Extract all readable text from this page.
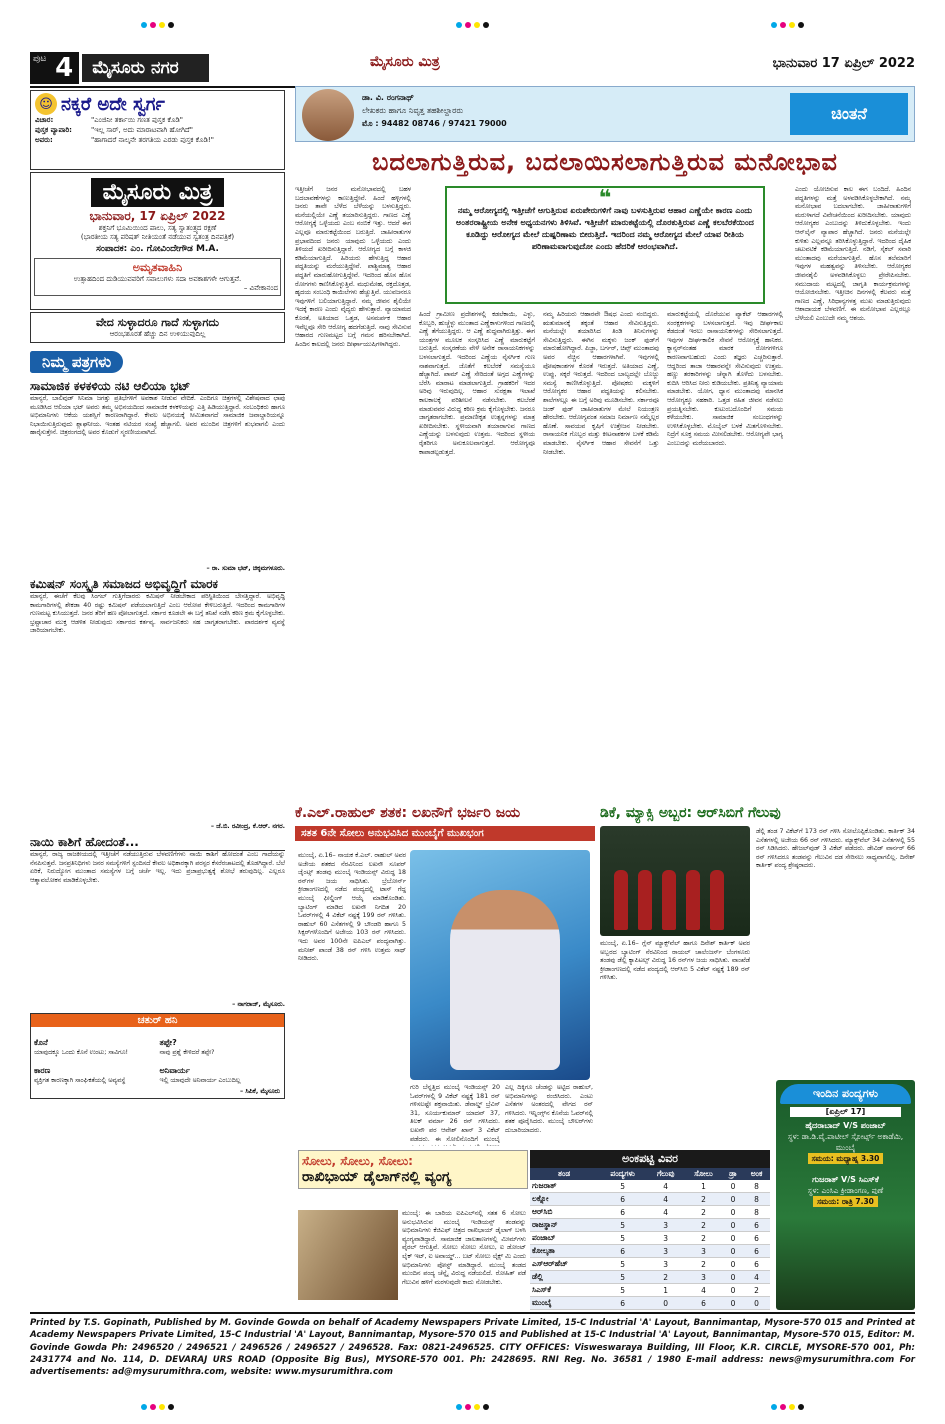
ಪುಟ 4	ಮೈಸೂರು ನಗರ	ಮೈಸೂರು ಮಿತ್ರ	ಭಾನುವಾರ 17 ಏಪ್ರಿಲ್ 2022
☺ ನಕ್ಕರೆ ಅದೇ ಸ್ವರ್ಗ
ವಿಚಾರ:	"ಎಂಜಿನೀ ತರ್ಕಾಯಿ ಗಣತ ಪುಸ್ತಕ ಕೊಡಿ"
ಪುಸ್ತಕ ವ್ಯಾಪಾರಿ:	"ಇಲ್ಲ ಸಾರ್, ಅದು ಮಾರಾಟವಾಗಿ ಹೋಗಿದೆ"
ಅವರು:	"ಹಾಗಾದರೆ ನಾಲ್ಕನೇ ತರಗತಿಯ ಎರಡು ಪುಸ್ತಕ ಕೊಡಿ!"
ಮೈಸೂರು ಮಿತ್ರ
ಭಾನುವಾರ, 17 ಏಪ್ರಿಲ್ 2022
ಶಕ್ತನಿಗೆ ಭೂಮಿಯಿಂದ ಪಾಲು, ಸತ್ಯ ಸ್ವಾತಂತ್ರ್ಯದ ರಕ್ಷಣೆ
(ಭಾರತೀಯ ಸತ್ಯ ಪರಿಷತ್ ನೀತಿಯಂತೆ ನಡೆಯುವ ಸ್ವತಂತ್ರ ದಿನಪತ್ರಿಕೆ)
ಸಂಪಾದಕ: ಎಂ. ಗೋವಿಂದೇಗೌಡ M.A.
ಅಮೃತವಾಹಿನಿ
ಉತ್ಸಾಹದಿಂದ ದುಡಿಯುವವರಿಗೆ ಸವಾಲುಗಳು ಸದಾ ಅವಕಾಶಗಳೇ ಆಗುತ್ತವೆ.
– ವಿವೇಕಾನಂದ
ವೇದ ಸುಳ್ಳಾದರೂ ಗಾದೆ ಸುಳ್ಳಾಗದು
ಆರಂಭಶೂರತೆ ಹೆಚ್ಚು ದಿನ ಉಳಿಯುವುದಿಲ್ಲ
ನಿಮ್ಮ ಪತ್ರಗಳು
ಸಾಮಾಜಿಕ ಕಳಕಳಿಯ ನಟಿ ಆಲಿಯಾ ಭಟ್
ಮಾನ್ಯರೆ, ಬಾಲಿವುಡ್ ಸಿನಿಮಾ ಜಗತ್ತು ಪ್ರತಿಭೆಗಳಿಗೆ ಅವಕಾಶ ನೀಡುವ ವೇದಿಕೆ. ಎಂದಿಗೂ ಚಿತ್ರಗಳಲ್ಲಿ ವಿಶೇಷವಾದ ಛಾಪು ಮೂಡಿಸಿದ ಆಲಿಯಾ ಭಟ್ ಅವರು ತಮ್ಮ ಅಭಿನಯದಿಂದ ಸಾಮಾಜಿಕ ಕಳಕಳಿಯನ್ನು ಎತ್ತಿ ಹಿಡಿಯುತ್ತಿದ್ದಾರೆ. ಸಂಬಂಧಿಕರು ಹಾಗೂ ಅಭಿಮಾನಿಗಳು ಆಕೆಯ ಯಶಸ್ಸಿಗೆ ಕಾರಣರಾಗಿದ್ದಾರೆ. ಕೇವಲ ಅಭಿನಯಕ್ಕೆ ಸೀಮಿತವಾಗದೆ ಸಾಮಾಜಿಕ ಜವಾಬ್ದಾರಿಯನ್ನೂ ನಿಭಾಯಿಸುತ್ತಿರುವುದು ಶ್ಲಾಘನೀಯ. ಇಂತಹ ನಟಿಯರ ಸಂಖ್ಯೆ ಹೆಚ್ಚಾಗಲಿ. ಅವರ ಮುಂದಿನ ಚಿತ್ರಗಳಿಗೆ ಶುಭವಾಗಲಿ ಎಂದು ಹಾರೈಸುತ್ತೇನೆ. ಚಿತ್ರರಂಗದಲ್ಲಿ ಅವರ ಕೊಡುಗೆ ಸ್ಮರಣೀಯವಾಗಿದೆ.
– ರಾ. ಸುಮಾ ಭಟ್, ಚಿಕ್ಕಮಗಳೂರು.
ಕಮಿಷನ್ ಸಂಸ್ಕೃತಿ ಸಮಾಜದ ಅಭಿವೃದ್ಧಿಗೆ ಮಾರಕ
ಮಾನ್ಯರೆ, ಈಚೆಗೆ ಕೆಲವು ಸಿಂಗಲ್ ಗುತ್ತಿಗೆದಾರರು ಕಮಿಷನ್ ನೀಡಬೇಕಾದ ಪರಿಸ್ಥಿತಿಯಿಂದ ಬೇಸತ್ತಿದ್ದಾರೆ. ಅಭಿವೃದ್ಧಿ ಕಾಮಗಾರಿಗಳಲ್ಲಿ ಶೇಕಡಾ 40 ರಷ್ಟು ಕಮಿಷನ್ ಪಡೆಯಲಾಗುತ್ತಿದೆ ಎಂಬ ಆರೋಪ ಕೇಳಿಬರುತ್ತಿದೆ. ಇದರಿಂದ ಕಾಮಗಾರಿಗಳ ಗುಣಮಟ್ಟ ಕುಸಿಯುತ್ತದೆ. ಜನರ ತೆರಿಗೆ ಹಣ ಪೋಲಾಗುತ್ತದೆ. ಸರ್ಕಾರ ಕೂಡಲೇ ಈ ಬಗ್ಗೆ ತನಿಖೆ ನಡೆಸಿ ಕಠಿಣ ಕ್ರಮ ಕೈಗೊಳ್ಳಬೇಕು. ಭ್ರಷ್ಟಾಚಾರ ಮುಕ್ತ ಆಡಳಿತ ನೀಡುವುದು ಸರ್ಕಾರದ ಕರ್ತವ್ಯ. ಸಾರ್ವಜನಿಕರು ಸಹ ಜಾಗೃತರಾಗಬೇಕು. ಪಾರದರ್ಶಕ ವ್ಯವಸ್ಥೆ ಜಾರಿಯಾಗಬೇಕು.
– ಜೆ.ಬಿ. ರವೀಂದ್ರ, ಕೆ.ಆರ್. ನಗರ.
ನಾಯಿ ಕಾಶಿಗೆ ಹೋದಂತೆ...
ಮಾನ್ಯರೆ, ರಾಜ್ಯ ರಾಜಕೀಯದಲ್ಲಿ ಇತ್ತೀಚೆಗೆ ನಡೆಯುತ್ತಿರುವ ಬೆಳವಣಿಗೆಗಳು ನಾಯಿ ಕಾಶಿಗೆ ಹೋದಂತೆ ಎಂಬ ಗಾದೆಯನ್ನು ನೆನಪಿಸುತ್ತವೆ. ಜನಪ್ರತಿನಿಧಿಗಳು ಜನರ ಸಮಸ್ಯೆಗಳಿಗೆ ಸ್ಪಂದಿಸದೆ ಕೇವಲ ಅಧಿಕಾರಕ್ಕಾಗಿ ಪರಸ್ಪರ ಕೆಸರೆರಚಾಟದಲ್ಲಿ ತೊಡಗಿದ್ದಾರೆ. ಬೆಲೆ ಏರಿಕೆ, ನಿರುದ್ಯೋಗ ಮುಂತಾದ ಸಮಸ್ಯೆಗಳ ಬಗ್ಗೆ ಚರ್ಚೆ ಇಲ್ಲ. ಇದು ಪ್ರಜಾಪ್ರಭುತ್ವಕ್ಕೆ ಶೋಭೆ ತರುವುದಿಲ್ಲ. ಎಲ್ಲರೂ ಆತ್ಮಾವಲೋಕನ ಮಾಡಿಕೊಳ್ಳಬೇಕು.
– ನಾಗರಾಜ್, ಮೈಸೂರು.
ಚತುರ್ ಹನಿ
ಕೊನೆ
ಯಾವುದಕ್ಕೂ ಒಂದು ಕೊನೆ ಉಂಟು; ಸಾವಿಗೂ!
ಕಾರಣ
ವ್ಯಕ್ತಿಗತ ಕಾರಣಕ್ಕಾಗಿ ಸಾಂಘಿಕತೆಯಲ್ಲಿ ಅವ್ಯವಸ್ಥೆ
ತಪ್ಪೇ?
ನಾವು ಪ್ರಶ್ನೆ ಕೇಳಿದರೆ ತಪ್ಪೇ?
ಅನಿವಾರ್ಯ
ಇಲ್ಲಿ ಯಾವುದೇ ಅನಿವಾರ್ಯ ಎಂಬುದಿಲ್ಲ
– ಸಿಪಿಕೆ, ಮೈಸೂರು
ಡಾ. ವಿ. ರಂಗನಾಥ್
ಲೇಖಕರು ಹಾಗೂ ನಿವೃತ್ತ ತಹಶೀಲ್ದಾರರು
ಮೊ : 94482 08746 / 97421 79000
ಚಿಂತನೆ
ಬದಲಾಗುತ್ತಿರುವ, ಬದಲಾಯಿಸಲಾಗುತ್ತಿರುವ ಮನೋಭಾವ
ಇತ್ತೀಚೆಗೆ ಜನರ ಮನೋಭಾವದಲ್ಲಿ ಬಹಳ ಬದಲಾವಣೆಗಳನ್ನು ಕಾಣುತ್ತಿದ್ದೇವೆ. ಹಿಂದೆ ಹಳ್ಳಿಗಳಲ್ಲಿ ಜನರು ತಾವೇ ಬೆಳೆದ ಬೆಳೆಯನ್ನು ಬಳಸುತ್ತಿದ್ದರು. ಮನೆಯಲ್ಲಿಯೇ ಎಣ್ಣೆ ತಯಾರಿಸುತ್ತಿದ್ದರು. ಗಾಣದ ಎಣ್ಣೆ ಆರೋಗ್ಯಕ್ಕೆ ಒಳ್ಳೆಯದು ಎಂಬ ನಂಬಿಕೆ ಇತ್ತು. ಆದರೆ ಈಗ ಎಲ್ಲವೂ ಮಾರುಕಟ್ಟೆಯಿಂದ ಬರುತ್ತಿದೆ. ಜಾಹೀರಾತುಗಳ ಪ್ರಭಾವದಿಂದ ಜನರು ಯಾವುದು ಒಳ್ಳೆಯದು ಎಂದು ತಿಳಿಯದೆ ಖರೀದಿಸುತ್ತಿದ್ದಾರೆ. ಆರೋಗ್ಯದ ಬಗ್ಗೆ ಕಾಳಜಿ ಕಡಿಮೆಯಾಗುತ್ತಿದೆ. ಹಿರಿಯರು ಹೇಳುತ್ತಿದ್ದ ಆಹಾರ ಪದ್ಧತಿಯನ್ನು ಮರೆಯುತ್ತಿದ್ದೇವೆ. ಪಾಶ್ಚಿಮಾತ್ಯ ಆಹಾರ ಪದ್ಧತಿಗೆ ಮಾರುಹೋಗುತ್ತಿದ್ದೇವೆ. ಇದರಿಂದ ಹೊಸ ಹೊಸ ರೋಗಗಳು ಕಾಣಿಸಿಕೊಳ್ಳುತ್ತಿವೆ. ಮಧುಮೇಹ, ರಕ್ತದೊತ್ತಡ, ಹೃದಯ ಸಂಬಂಧಿ ಕಾಯಿಲೆಗಳು ಹೆಚ್ಚುತ್ತಿವೆ. ಯುವಜನರೂ ಇವುಗಳಿಗೆ ಬಲಿಯಾಗುತ್ತಿದ್ದಾರೆ. ನಮ್ಮ ಜೀವನ ಶೈಲಿಯೇ ಇದಕ್ಕೆ ಕಾರಣ ಎಂದು ವೈದ್ಯರು ಹೇಳುತ್ತಾರೆ. ವ್ಯಾಯಾಮದ ಕೊರತೆ, ಅತಿಯಾದ ಒತ್ತಡ, ಅಸಮರ್ಪಕ ಆಹಾರ ಇವೆಲ್ಲವೂ ಸೇರಿ ಆರೋಗ್ಯ ಹದಗೆಡುತ್ತಿದೆ. ನಾವು ಸೇವಿಸುವ ಆಹಾರದ ಗುಣಮಟ್ಟದ ಬಗ್ಗೆ ಗಮನ ಹರಿಸಬೇಕಾಗಿದೆ. ಹಿಂದಿನ ಕಾಲದಲ್ಲಿ ಜನರು ದೀರ್ಘಾಯುಷಿಗಳಾಗಿದ್ದರು.
ಹಿಂದೆ ಗ್ರಾಮೀಣ ಪ್ರದೇಶಗಳಲ್ಲಿ ಕಡಲೆಕಾಯಿ, ಎಳ್ಳು, ಕೊಬ್ಬರಿ, ಹುಚ್ಚೆಳ್ಳು ಮುಂತಾದ ಎಣ್ಣೆಕಾಳುಗಳಿಂದ ಗಾಣದಲ್ಲಿ ಎಣ್ಣೆ ತೆಗೆಯುತ್ತಿದ್ದರು. ಆ ಎಣ್ಣೆ ಶುದ್ಧವಾಗಿರುತ್ತಿತ್ತು. ಈಗ ಯಂತ್ರಗಳ ಮೂಲಕ ಸಂಸ್ಕರಿಸಿದ ಎಣ್ಣೆ ಮಾರುಕಟ್ಟೆಗೆ ಬರುತ್ತಿದೆ. ಸಂಸ್ಕರಣೆಯ ವೇಳೆ ಅನೇಕ ರಾಸಾಯನಿಕಗಳನ್ನು ಬಳಸಲಾಗುತ್ತದೆ. ಇದರಿಂದ ಎಣ್ಣೆಯ ನೈಸರ್ಗಿಕ ಗುಣ ನಾಶವಾಗುತ್ತದೆ. ಜೊತೆಗೆ ಕಲಬೆರಕೆ ಸಮಸ್ಯೆಯೂ ಹೆಚ್ಚಾಗಿದೆ. ಪಾಮ್ ಎಣ್ಣೆ ಸೇರಿದಂತೆ ಅಗ್ಗದ ಎಣ್ಣೆಗಳನ್ನು ಬೆರೆಸಿ ಮಾರಾಟ ಮಾಡಲಾಗುತ್ತಿದೆ. ಗ್ರಾಹಕರಿಗೆ ಇದರ ಅರಿವು ಇರುವುದಿಲ್ಲ. ಆಹಾರ ಸುರಕ್ಷತಾ ಇಲಾಖೆ ಕಾಲಕಾಲಕ್ಕೆ ಪರಿಶೀಲನೆ ನಡೆಸಬೇಕು. ಕಲಬೆರಕೆ ಮಾಡುವವರ ವಿರುದ್ಧ ಕಠಿಣ ಕ್ರಮ ಕೈಗೊಳ್ಳಬೇಕು. ಜನರೂ ಜಾಗೃತರಾಗಬೇಕು. ಪ್ರಮಾಣೀಕೃತ ಉತ್ಪನ್ನಗಳನ್ನು ಮಾತ್ರ ಖರೀದಿಸಬೇಕು. ಸ್ಥಳೀಯವಾಗಿ ತಯಾರಾಗುವ ಗಾಣದ ಎಣ್ಣೆಯನ್ನು ಬಳಸುವುದು ಉತ್ತಮ. ಇದರಿಂದ ಸ್ಥಳೀಯ ರೈತರಿಗೂ ಅನುಕೂಲವಾಗುತ್ತದೆ. ಆರೋಗ್ಯವೂ ಕಾಪಾಡಲ್ಪಡುತ್ತದೆ.
ನಮ್ಮ ಹಿರಿಯರು ಆಹಾರವೇ ಔಷಧ ಎಂದು ನಂಬಿದ್ದರು. ಋತುಮಾನಕ್ಕೆ ತಕ್ಕಂತೆ ಆಹಾರ ಸೇವಿಸುತ್ತಿದ್ದರು. ಮನೆಯಲ್ಲೇ ತಯಾರಿಸಿದ ತಿಂಡಿ ತಿನಿಸುಗಳನ್ನು ಸೇವಿಸುತ್ತಿದ್ದರು. ಈಗಿನ ಮಕ್ಕಳು ಜಂಕ್ ಫುಡ್‌ಗೆ ಮಾರುಹೋಗಿದ್ದಾರೆ. ಪಿಜ್ಜಾ, ಬರ್ಗರ್, ಚಿಪ್ಸ್ ಮುಂತಾದವು ಅವರ ನೆಚ್ಚಿನ ಆಹಾರಗಳಾಗಿವೆ. ಇವುಗಳಲ್ಲಿ ಪೋಷಕಾಂಶಗಳ ಕೊರತೆ ಇರುತ್ತದೆ. ಅತಿಯಾದ ಎಣ್ಣೆ, ಉಪ್ಪು, ಸಕ್ಕರೆ ಇರುತ್ತದೆ. ಇದರಿಂದ ಬಾಲ್ಯದಲ್ಲೇ ಬೊಜ್ಜು ಸಮಸ್ಯೆ ಕಾಣಿಸಿಕೊಳ್ಳುತ್ತಿದೆ. ಪೋಷಕರು ಮಕ್ಕಳಿಗೆ ಆರೋಗ್ಯಕರ ಆಹಾರ ಪದ್ಧತಿಯನ್ನು ಕಲಿಸಬೇಕು. ಶಾಲೆಗಳಲ್ಲೂ ಈ ಬಗ್ಗೆ ಅರಿವು ಮೂಡಿಸಬೇಕು. ಸರ್ಕಾರವೂ ಜಂಕ್ ಫುಡ್ ಜಾಹೀರಾತುಗಳ ಮೇಲೆ ನಿಯಂತ್ರಣ ಹೇರಬೇಕು. ಆರೋಗ್ಯವಂತ ಸಮಾಜ ನಿರ್ಮಾಣ ನಮ್ಮೆಲ್ಲರ ಹೊಣೆ. ಸಾವಯವ ಕೃಷಿಗೆ ಉತ್ತೇಜನ ನೀಡಬೇಕು. ರಾಸಾಯನಿಕ ಗೊಬ್ಬರ ಮತ್ತು ಕೀಟನಾಶಕಗಳ ಬಳಕೆ ಕಡಿಮೆ ಮಾಡಬೇಕು. ನೈಸರ್ಗಿಕ ಆಹಾರ ಸೇವನೆಗೆ ಒತ್ತು ನೀಡಬೇಕು.
ಮಾರುಕಟ್ಟೆಯಲ್ಲಿ ದೊರೆಯುವ ಪ್ಯಾಕೆಟ್ ಆಹಾರಗಳಲ್ಲಿ ಸಂರಕ್ಷಕಗಳನ್ನು ಬಳಸಲಾಗುತ್ತದೆ. ಇವು ದೀರ್ಘಕಾಲ ಕೆಡದಂತೆ ಇರಲು ರಾಸಾಯನಿಕಗಳನ್ನು ಸೇರಿಸಲಾಗುತ್ತದೆ. ಇವುಗಳ ದೀರ್ಘಕಾಲಿಕ ಸೇವನೆ ಆರೋಗ್ಯಕ್ಕೆ ಹಾನಿಕರ. ಕ್ಯಾನ್ಸರ್‌ನಂತಹ ಮಾರಕ ರೋಗಗಳಿಗೂ ಕಾರಣವಾಗಬಹುದು ಎಂದು ತಜ್ಞರು ಎಚ್ಚರಿಸುತ್ತಾರೆ. ಆದ್ದರಿಂದ ತಾಜಾ ಆಹಾರವನ್ನೇ ಸೇವಿಸುವುದು ಉತ್ತಮ. ಹಣ್ಣು ತರಕಾರಿಗಳನ್ನು ಚೆನ್ನಾಗಿ ತೊಳೆದು ಬಳಸಬೇಕು. ಕುದಿಸಿ ಆರಿಸಿದ ನೀರು ಕುಡಿಯಬೇಕು. ಪ್ರತಿನಿತ್ಯ ವ್ಯಾಯಾಮ ಮಾಡಬೇಕು. ಯೋಗ, ಧ್ಯಾನ ಮುಂತಾದವು ಮಾನಸಿಕ ಆರೋಗ್ಯಕ್ಕೂ ಸಹಕಾರಿ. ಒತ್ತಡ ರಹಿತ ಜೀವನ ನಡೆಸಲು ಪ್ರಯತ್ನಿಸಬೇಕು. ಕುಟುಂಬದೊಂದಿಗೆ ಸಮಯ ಕಳೆಯಬೇಕು. ಸಾಮಾಜಿಕ ಸಂಬಂಧಗಳನ್ನು ಉಳಿಸಿಕೊಳ್ಳಬೇಕು. ಮೊಬೈಲ್ ಬಳಕೆ ಮಿತಗೊಳಿಸಬೇಕು. ನಿದ್ರೆಗೆ ಸೂಕ್ತ ಸಮಯ ಮೀಸಲಿಡಬೇಕು. ಆರೋಗ್ಯವೇ ಭಾಗ್ಯ ಎಂಬುದನ್ನು ಮರೆಯಬಾರದು.
ಎಂದು ಯೋಚಿಸುವ ಕಾಲ ಈಗ ಬಂದಿದೆ. ಹಿಂದಿನ ಪದ್ಧತಿಗಳನ್ನು ಮತ್ತೆ ಅಳವಡಿಸಿಕೊಳ್ಳಬೇಕಾಗಿದೆ. ನಮ್ಮ ಮನೋಭಾವ ಬದಲಾಗಬೇಕು. ಜಾಹೀರಾತುಗಳಿಗೆ ಮರುಳಾಗದೆ ವಿವೇಚನೆಯಿಂದ ಖರೀದಿಸಬೇಕು. ಯಾವುದು ಆರೋಗ್ಯಕರ ಎಂಬುದನ್ನು ತಿಳಿದುಕೊಳ್ಳಬೇಕು. ಇಂದು ಆನ್‌ಲೈನ್ ವ್ಯಾಪಾರ ಹೆಚ್ಚಾಗಿದೆ. ಜನರು ಮನೆಯಲ್ಲೇ ಕುಳಿತು ಎಲ್ಲವನ್ನೂ ತರಿಸಿಕೊಳ್ಳುತ್ತಿದ್ದಾರೆ. ಇದರಿಂದ ದೈಹಿಕ ಚಟುವಟಿಕೆ ಕಡಿಮೆಯಾಗುತ್ತಿದೆ. ನಡಿಗೆ, ಸೈಕಲ್ ಸವಾರಿ ಮುಂತಾದವು ಮರೆಯಾಗುತ್ತಿವೆ. ಹೊಸ ತಲೆಮಾರಿಗೆ ಇವುಗಳ ಮಹತ್ವವನ್ನು ತಿಳಿಸಬೇಕು. ಆರೋಗ್ಯಕರ ಜೀವನಶೈಲಿ ಅಳವಡಿಸಿಕೊಳ್ಳಲು ಪ್ರೇರೇಪಿಸಬೇಕು. ಸಮುದಾಯ ಮಟ್ಟದಲ್ಲಿ ಜಾಗೃತಿ ಕಾರ್ಯಕ್ರಮಗಳನ್ನು ಆಯೋಜಿಸಬೇಕು. ಇತ್ತೀಚಿನ ದಿನಗಳಲ್ಲಿ ಕೆಲವರು ಮತ್ತೆ ಗಾಣದ ಎಣ್ಣೆ, ಸಿರಿಧಾನ್ಯಗಳತ್ತ ಮುಖ ಮಾಡುತ್ತಿರುವುದು ಆಶಾದಾಯಕ ಬೆಳವಣಿಗೆ. ಈ ಮನೋಭಾವ ಎಲ್ಲರಲ್ಲೂ ಬೆಳೆಯಲಿ ಎಂಬುದೇ ನಮ್ಮ ಆಶಯ.
❝
ನಮ್ಮ ಆರೋಗ್ಯದಲ್ಲಿ ಇತ್ತೀಚೆಗೆ ಆಗುತ್ತಿರುವ ಏರುಪೇರುಗಳಿಗೆ ನಾವು ಬಳಸುತ್ತಿರುವ ಆಹಾರ ಎಣ್ಣೆಯೇ ಕಾರಣ ಎಂದು ಅಂತರರಾಷ್ಟ್ರೀಯ ಅನೇಕ ಅಧ್ಯಯನಗಳು ತಿಳಿಸಿವೆ. ಇತ್ತೀಚೆಗೆ ಮಾರುಕಟ್ಟೆಯಲ್ಲಿ ದೊರಕುತ್ತಿರುವ ಎಣ್ಣೆ ಕಲಬೆರಕೆಯಿಂದ ಕೂಡಿದ್ದು ಆರೋಗ್ಯದ ಮೇಲೆ ದುಷ್ಪರಿಣಾಮ ಬೀರುತ್ತಿದೆ. ಇದರಿಂದ ನಮ್ಮ ಆರೋಗ್ಯದ ಮೇಲೆ ಯಾವ ರೀತಿಯ ಪರಿಣಾಮವಾಗುವುದೋ ಎಂದು ಹೆದರಿಕೆ ಆರಂಭವಾಗಿದೆ.
ಕೆ.ಎಲ್.ರಾಹುಲ್ ಶತಕ: ಲಖನೌಗೆ ಭರ್ಜರಿ ಜಯ
ಸತತ 6ನೇ ಸೋಲು ಅನುಭವಿಸಿದ ಮುಂಬೈಗೆ ಮುಖಭಂಗ
ಮುಂಬೈ, ಏ.16– ನಾಯಕ ಕೆ.ಎಲ್. ರಾಹುಲ್ ಅವರ ಅಜೇಯ ಶತಕದ ನೆರವಿನಿಂದ ಲಖನೌ ಸೂಪರ್ ಜೈಂಟ್ಸ್ ತಂಡವು ಮುಂಬೈ ಇಂಡಿಯನ್ಸ್ ವಿರುದ್ಧ 18 ರನ್‌ಗಳ ಜಯ ಸಾಧಿಸಿತು. ಬ್ರೆಬೋರ್ನ್ ಕ್ರೀಡಾಂಗಣದಲ್ಲಿ ನಡೆದ ಪಂದ್ಯದಲ್ಲಿ ಟಾಸ್ ಗೆದ್ದ ಮುಂಬೈ ಫೀಲ್ಡಿಂಗ್ ಆಯ್ಕೆ ಮಾಡಿಕೊಂಡಿತು. ಬ್ಯಾಟಿಂಗ್ ಮಾಡಿದ ಲಖನೌ ನಿಗದಿತ 20 ಓವರ್‌ಗಳಲ್ಲಿ 4 ವಿಕೆಟ್ ನಷ್ಟಕ್ಕೆ 199 ರನ್ ಗಳಿಸಿತು. ರಾಹುಲ್ 60 ಎಸೆತಗಳಲ್ಲಿ 9 ಬೌಂಡರಿ ಹಾಗೂ 5 ಸಿಕ್ಸರ್‌ಗಳೊಂದಿಗೆ ಅಜೇಯ 103 ರನ್ ಗಳಿಸಿದರು. ಇದು ಅವರ 100ನೇ ಐಪಿಎಲ್ ಪಂದ್ಯವಾಗಿತ್ತು. ಮನೀಶ್ ಪಾಂಡೆ 38 ರನ್ ಗಳಿಸಿ ಉತ್ತಮ ಸಾಥ್ ನೀಡಿದರು.
ಗುರಿ ಬೆನ್ನತ್ತಿದ ಮುಂಬೈ ಇಂಡಿಯನ್ಸ್ 20 ಓವರ್‌ಗಳಲ್ಲಿ 9 ವಿಕೆಟ್ ನಷ್ಟಕ್ಕೆ 181 ರನ್ ಗಳಿಸಲಷ್ಟೇ ಶಕ್ತವಾಯಿತು. ಡೆವಾಲ್ಡ್ ಬ್ರೆವಿಸ್ 31, ಸೂರ್ಯಕುಮಾರ್ ಯಾದವ್ 37, ತಿಲಕ್ ವರ್ಮಾ 26 ರನ್ ಗಳಿಸಿದರು. ಲಖನೌ ಪರ ಆವೇಶ್ ಖಾನ್ 3 ವಿಕೆಟ್ ಪಡೆದರು. ಈ ಸೋಲಿನೊಂದಿಗೆ ಮುಂಬೈ
ಎಲ್ಲ ದಿಕ್ಕಿಗೂ ಚೆಂಡನ್ನು ಅಟ್ಟಿದ ರಾಹುಲ್, ಅಭಿಮಾನಿಗಳನ್ನು ರಂಜಿಸಿದರು. ಎಂಟು ಎಸೆತಗಳ ಅಂತರದಲ್ಲಿ ವೇಗದ ರನ್ ಗಳಿಸಿದರು. ಇನ್ನಿಂಗ್ಸ್‌ನ ಕೊನೆಯ ಓವರ್‌ನಲ್ಲಿ ಶತಕ ಪೂರೈಸಿದರು. ಮುಂಬೈ ಬೌಲರ್‌ಗಳು ದುಬಾರಿಯಾದರು.
ಡಿಕೆ, ಮ್ಯಾಕ್ಸಿ ಅಬ್ಬರ: ಆರ್‌ಸಿಬಿಗೆ ಗೆಲುವು
ಮುಂಬೈ, ಏ.16– ಗ್ಲೆನ್ ಮ್ಯಾಕ್ಸ್‌ವೆಲ್ ಹಾಗೂ ದಿನೇಶ್ ಕಾರ್ತಿಕ್ ಅವರ ಅಬ್ಬರದ ಬ್ಯಾಟಿಂಗ್ ನೆರವಿನಿಂದ ರಾಯಲ್ ಚಾಲೆಂಜರ್ಸ್ ಬೆಂಗಳೂರು ತಂಡವು ಡೆಲ್ಲಿ ಕ್ಯಾಪಿಟಲ್ಸ್ ವಿರುದ್ಧ 16 ರನ್‌ಗಳ ಜಯ ಸಾಧಿಸಿತು. ವಾಂಖೆಡೆ ಕ್ರೀಡಾಂಗಣದಲ್ಲಿ ನಡೆದ ಪಂದ್ಯದಲ್ಲಿ ಆರ್‌ಸಿಬಿ 5 ವಿಕೆಟ್ ನಷ್ಟಕ್ಕೆ 189 ರನ್ ಗಳಿಸಿತು.
ಡೆಲ್ಲಿ ತಂಡ 7 ವಿಕೆಟ್‌ಗೆ 173 ರನ್ ಗಳಿಸಿ ಸೋಲೊಪ್ಪಿಕೊಂಡಿತು. ಕಾರ್ತಿಕ್ 34 ಎಸೆತಗಳಲ್ಲಿ ಅಜೇಯ 66 ರನ್ ಗಳಿಸಿದರು. ಮ್ಯಾಕ್ಸ್‌ವೆಲ್ 34 ಎಸೆತಗಳಲ್ಲಿ 55 ರನ್ ಸಿಡಿಸಿದರು. ಹೇಜಲ್‌ವುಡ್ 3 ವಿಕೆಟ್ ಪಡೆದರು. ಡೇವಿಡ್ ವಾರ್ನರ್ 66 ರನ್ ಗಳಿಸಿದರೂ ತಂಡವನ್ನು ಗೆಲುವಿನ ದಡ ಸೇರಿಸಲು ಸಾಧ್ಯವಾಗಲಿಲ್ಲ. ದಿನೇಶ್ ಕಾರ್ತಿಕ್ ಪಂದ್ಯ ಶ್ರೇಷ್ಠರಾದರು.
ಸೋಲು, ಸೋಲು, ಸೋಲು:
ರಾಖಿಭಾಯ್ ಡೈಲಾಗ್‌ನಲ್ಲಿ ವ್ಯಂಗ್ಯ
ಮುಂಬೈ: ಈ ಬಾರಿಯ ಐಪಿಎಲ್‌ನಲ್ಲಿ ಸತತ 6 ಸೋಲು ಅನುಭವಿಸಿರುವ ಮುಂಬೈ ಇಂಡಿಯನ್ಸ್ ತಂಡವನ್ನು ಅಭಿಮಾನಿಗಳು ಕೆಜಿಎಫ್ ಚಿತ್ರದ ರಾಖಿಭಾಯ್ ಡೈಲಾಗ್ ಬಳಸಿ ವ್ಯಂಗ್ಯವಾಡಿದ್ದಾರೆ. ಸಾಮಾಜಿಕ ಜಾಲತಾಣಗಳಲ್ಲಿ ಮೀಮ್‌ಗಳು ವೈರಲ್ ಆಗುತ್ತಿವೆ. ಸೋಲು ಸೋಲು ಸೋಲು, ಐ ಡೋಂಟ್ ಲೈಕ್ ಇಟ್, ಐ ಅವಾಯ್ಡ್... ಬಟ್ ಸೋಲು ಲೈಕ್ಸ್ ಮಿ ಎಂದು ಅಭಿಮಾನಿಗಳು ಪೋಸ್ಟ್ ಮಾಡಿದ್ದಾರೆ. ಮುಂಬೈ ತಂಡದ ಮುಂದಿನ ಪಂದ್ಯ ಚೆನ್ನೈ ವಿರುದ್ಧ ನಡೆಯಲಿದೆ. ರೋಹಿತ್ ಪಡೆ ಗೆಲುವಿನ ಹಳಿಗೆ ಮರಳುವುದೇ ಕಾದು ನೋಡಬೇಕು.
ಅಂಕಪಟ್ಟಿ ವಿವರ
ತಂಡ	ಪಂದ್ಯಗಳು	ಗೆಲುವು	ಸೋಲು	ಡ್ರಾ	ಅಂಕ
ಗುಜರಾತ್	5	4	1	0	8
ಲಕ್ನೋ	6	4	2	0	8
ಆರ್‌ಸಿಬಿ	6	4	2	0	8
ರಾಜಸ್ಥಾನ್	5	3	2	0	6
ಪಂಜಾಬ್	5	3	2	0	6
ಕೋಲ್ಕತಾ	6	3	3	0	6
ಎಸ್‌ಆರ್‌ಹೆಚ್	5	3	2	0	6
ಡೆಲ್ಲಿ	5	2	3	0	4
ಸಿಎಸ್‌ಕೆ	5	1	4	0	2
ಮುಂಬೈ	6	0	6	0	0
ಇಂದಿನ ಪಂದ್ಯಗಳು
[ಏಪ್ರಿಲ್ 17]
ಹೈದರಾಬಾದ್ V/S ಪಂಜಾಬ್
ಸ್ಥಳ: ಡಾ.ಡಿ.ವೈ.ಪಾಟೀಲ್ ಸ್ಪೋರ್ಟ್ಸ್ ಅಕಾಡೆಮಿ, ಮುಂಬೈ
ಸಮಯ: ಮಧ್ಯಾಹ್ನ 3.30
ಗುಜರಾತ್ V/S ಸಿಎಸ್‌ಕೆ
ಸ್ಥಳ: ಎಂಸಿಎ ಕ್ರೀಡಾಂಗಣ, ಪುಣೆ
ಸಮಯ: ರಾತ್ರಿ 7.30
Printed by T.S. Gopinath, Published by M. Govinde Gowda on behalf of Academy Newspapers Private Limited, 15-C Industrial 'A' Layout, Bannimantap, Mysore-570 015 and Printed at Academy Newspapers Private Limited, 15-C Industrial 'A' Layout, Bannimantap, Mysore-570 015 and Published at 15-C Industrial 'A' Layout, Bannimantap, Mysore-570 015, Editor: M. Govinde Gowda Ph: 2496520 / 2496521 / 2496526 / 2496527 / 2496528. Fax: 0821-2496525. CITY OFFICES: Visweswaraya Building, III Floor, K.R. CIRCLE, MYSORE-570 001, Ph: 2431774 and No. 114, D. DEVARAJ URS ROAD (Opposite Big Bus), MYSORE-570 001. Ph: 2428695. RNI Reg. No. 36581 / 1980 E-mail address: news@mysurumithra.com For advertisements: ad@mysurumithra.com, website: www.mysurumithra.com
